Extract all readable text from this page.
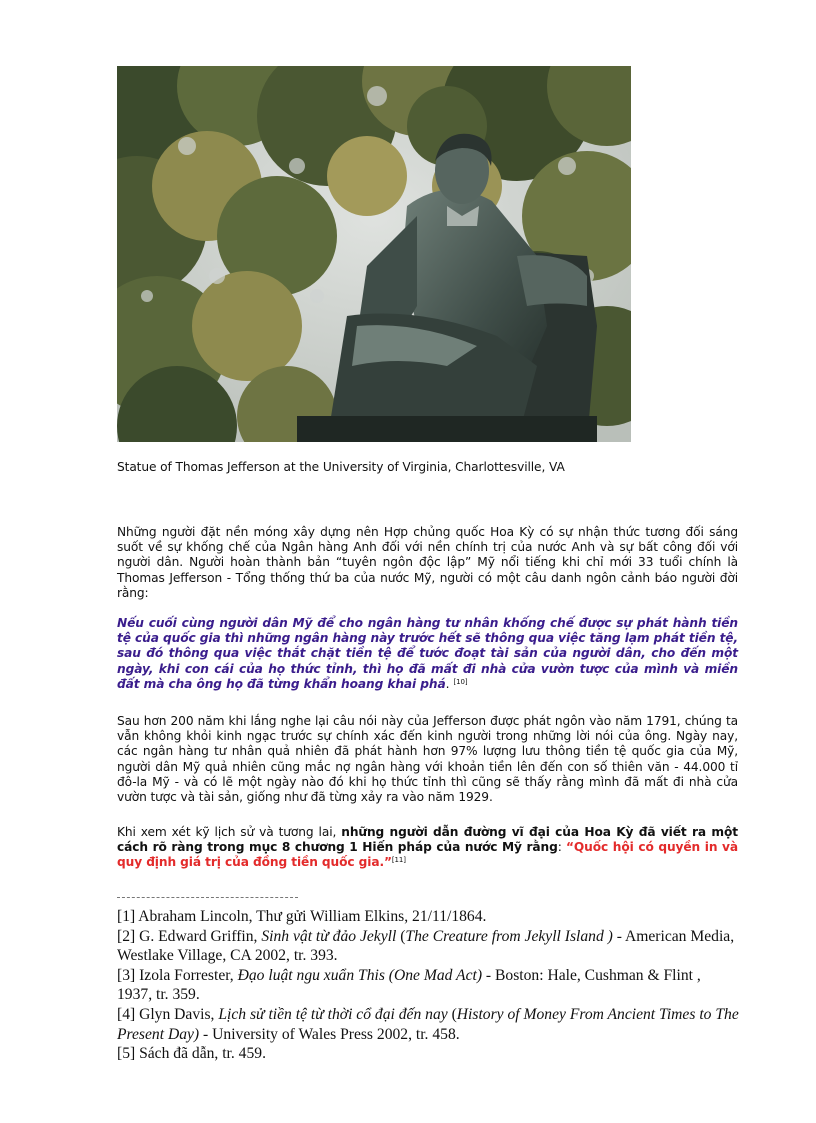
Statue of Thomas Jefferson at the University of Virginia, Charlottesville, VA

Những người đặt nền móng xây dựng nên Hợp chủng quốc Hoa Kỳ có sự nhận thức tương đối sáng suốt về sự khống chế của Ngân hàng Anh đối với nền chính trị của nước Anh và sự bất công đối với người dân. Người hoàn thành bản “tuyên ngôn độc lập” Mỹ nổi tiếng khi chỉ mới 33 tuổi chính là Thomas Jefferson - Tổng thống thứ ba của nước Mỹ, người có một câu danh ngôn cảnh báo người đời rằng:

Nếu cuối cùng người dân Mỹ để cho ngân hàng tư nhân khống chế được sự phát hành tiền tệ của quốc gia thì những ngân hàng này trước hết sẽ thông qua việc tăng lạm phát tiền tệ, sau đó thông qua việc thắt chặt tiền tệ để tước đoạt tài sản của người dân, cho đến một ngày, khi con cái của họ thức tỉnh, thì họ đã mất đi nhà cửa vườn tược của mình và miền đất mà cha ông họ đã từng khẩn hoang khai phá. [10]

Sau hơn 200 năm khi lắng nghe lại câu nói này của Jefferson được phát ngôn vào năm 1791, chúng ta vẫn không khỏi kinh ngạc trước sự chính xác đến kinh người trong những lời nói của ông. Ngày nay, các ngân hàng tư nhân quả nhiên đã phát hành hơn 97% lượng lưu thông tiền tệ quốc gia của Mỹ, người dân Mỹ quả nhiên cũng mắc nợ ngân hàng với khoản tiền lên đến con số thiên văn - 44.000 tỉ đô-la Mỹ - và có lẽ một ngày nào đó khi họ thức tỉnh thì cũng sẽ thấy rằng mình đã mất đi nhà cửa vườn tược và tài sản, giống như đã từng xảy ra vào năm 1929.

Khi xem xét kỹ lịch sử và tương lai, những người dẫn đường vĩ đại của Hoa Kỳ đã viết ra một cách rõ ràng trong mục 8 chương 1 Hiến pháp của nước Mỹ rằng: “Quốc hội có quyền in và quy định giá trị của đồng tiền quốc gia.”[11]

[1] Abraham Lincoln, Thư gửi William Elkins, 21/11/1864.
[2] G. Edward Griffin, Sinh vật từ đảo Jekyll (The Creature from Jekyll Island ) - American Media, Westlake Village, CA 2002, tr. 393.
[3] Izola Forrester, Đạo luật ngu xuẩn This (One Mad Act) - Boston: Hale, Cushman & Flint , 1937, tr. 359.
[4] Glyn Davis, Lịch sử tiền tệ từ thời cổ đại đến nay (History of Money From Ancient Times to The Present Day) - University of Wales Press 2002, tr. 458.
[5] Sách đã dẫn, tr. 459.
